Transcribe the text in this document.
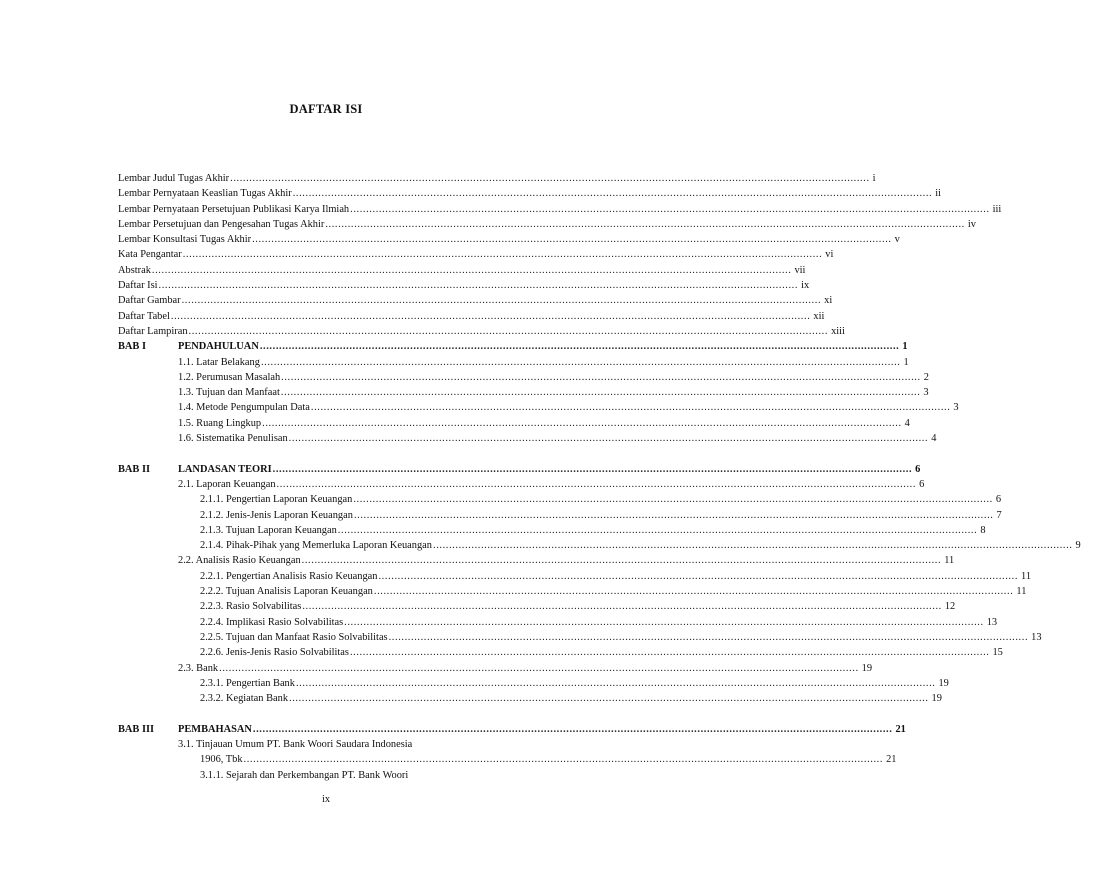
DAFTAR ISI
Lembar Judul Tugas Akhir ........................................................................................................................................................................................................ i
Lembar Pernyataan Keaslian Tugas Akhir ........................................................................................................................................................................................................ ii
Lembar Pernyataan Persetujuan Publikasi Karya Ilmiah ........................................................................................................................................................................................................ iii
Lembar Persetujuan dan Pengesahan Tugas Akhir ........................................................................................................................................................................................................ iv
Lembar Konsultasi Tugas Akhir ........................................................................................................................................................................................................ v
Kata Pengantar ........................................................................................................................................................................................................ vi
Abstrak ........................................................................................................................................................................................................ vii
Daftar Isi ........................................................................................................................................................................................................ ix
Daftar Gambar ........................................................................................................................................................................................................ xi
Daftar Tabel ........................................................................................................................................................................................................ xii
Daftar Lampiran ........................................................................................................................................................................................................ xiii
BAB I	PENDAHULUAN ........................................................................................................................................................................................................ 1
1.1. Latar Belakang ........................................................................................................................................................................................................ 1
1.2. Perumusan Masalah ........................................................................................................................................................................................................ 2
1.3. Tujuan dan Manfaat ........................................................................................................................................................................................................ 3
1.4. Metode Pengumpulan Data ........................................................................................................................................................................................................ 3
1.5. Ruang Lingkup ........................................................................................................................................................................................................ 4
1.6. Sistematika Penulisan ........................................................................................................................................................................................................ 4
BAB II	LANDASAN TEORI ........................................................................................................................................................................................................ 6
2.1. Laporan Keuangan ........................................................................................................................................................................................................ 6
2.1.1. Pengertian Laporan Keuangan ........................................................................................................................................................................................................ 6
2.1.2. Jenis-Jenis Laporan Keuangan ........................................................................................................................................................................................................ 7
2.1.3. Tujuan Laporan Keuangan ........................................................................................................................................................................................................ 8
2.1.4. Pihak-Pihak yang Memerluka Laporan Keuangan ........................................................................................................................................................................................................ 9
2.2. Analisis Rasio Keuangan ........................................................................................................................................................................................................ 11
2.2.1. Pengertian Analisis Rasio Keuangan ........................................................................................................................................................................................................ 11
2.2.2. Tujuan Analisis Laporan Keuangan ........................................................................................................................................................................................................ 11
2.2.3. Rasio Solvabilitas ........................................................................................................................................................................................................ 12
2.2.4. Implikasi Rasio Solvabilitas ........................................................................................................................................................................................................ 13
2.2.5. Tujuan dan Manfaat Rasio Solvabilitas ........................................................................................................................................................................................................ 13
2.2.6. Jenis-Jenis Rasio Solvabilitas ........................................................................................................................................................................................................ 15
2.3. Bank ........................................................................................................................................................................................................ 19
2.3.1. Pengertian Bank ........................................................................................................................................................................................................ 19
2.3.2. Kegiatan Bank ........................................................................................................................................................................................................ 19
BAB III	PEMBAHASAN ........................................................................................................................................................................................................ 21
3.1. Tinjauan Umum PT. Bank Woori Saudara Indonesia
1906, Tbk ........................................................................................................................................................................................................ 21
3.1.1. Sejarah dan Perkembangan PT. Bank Woori
ix
